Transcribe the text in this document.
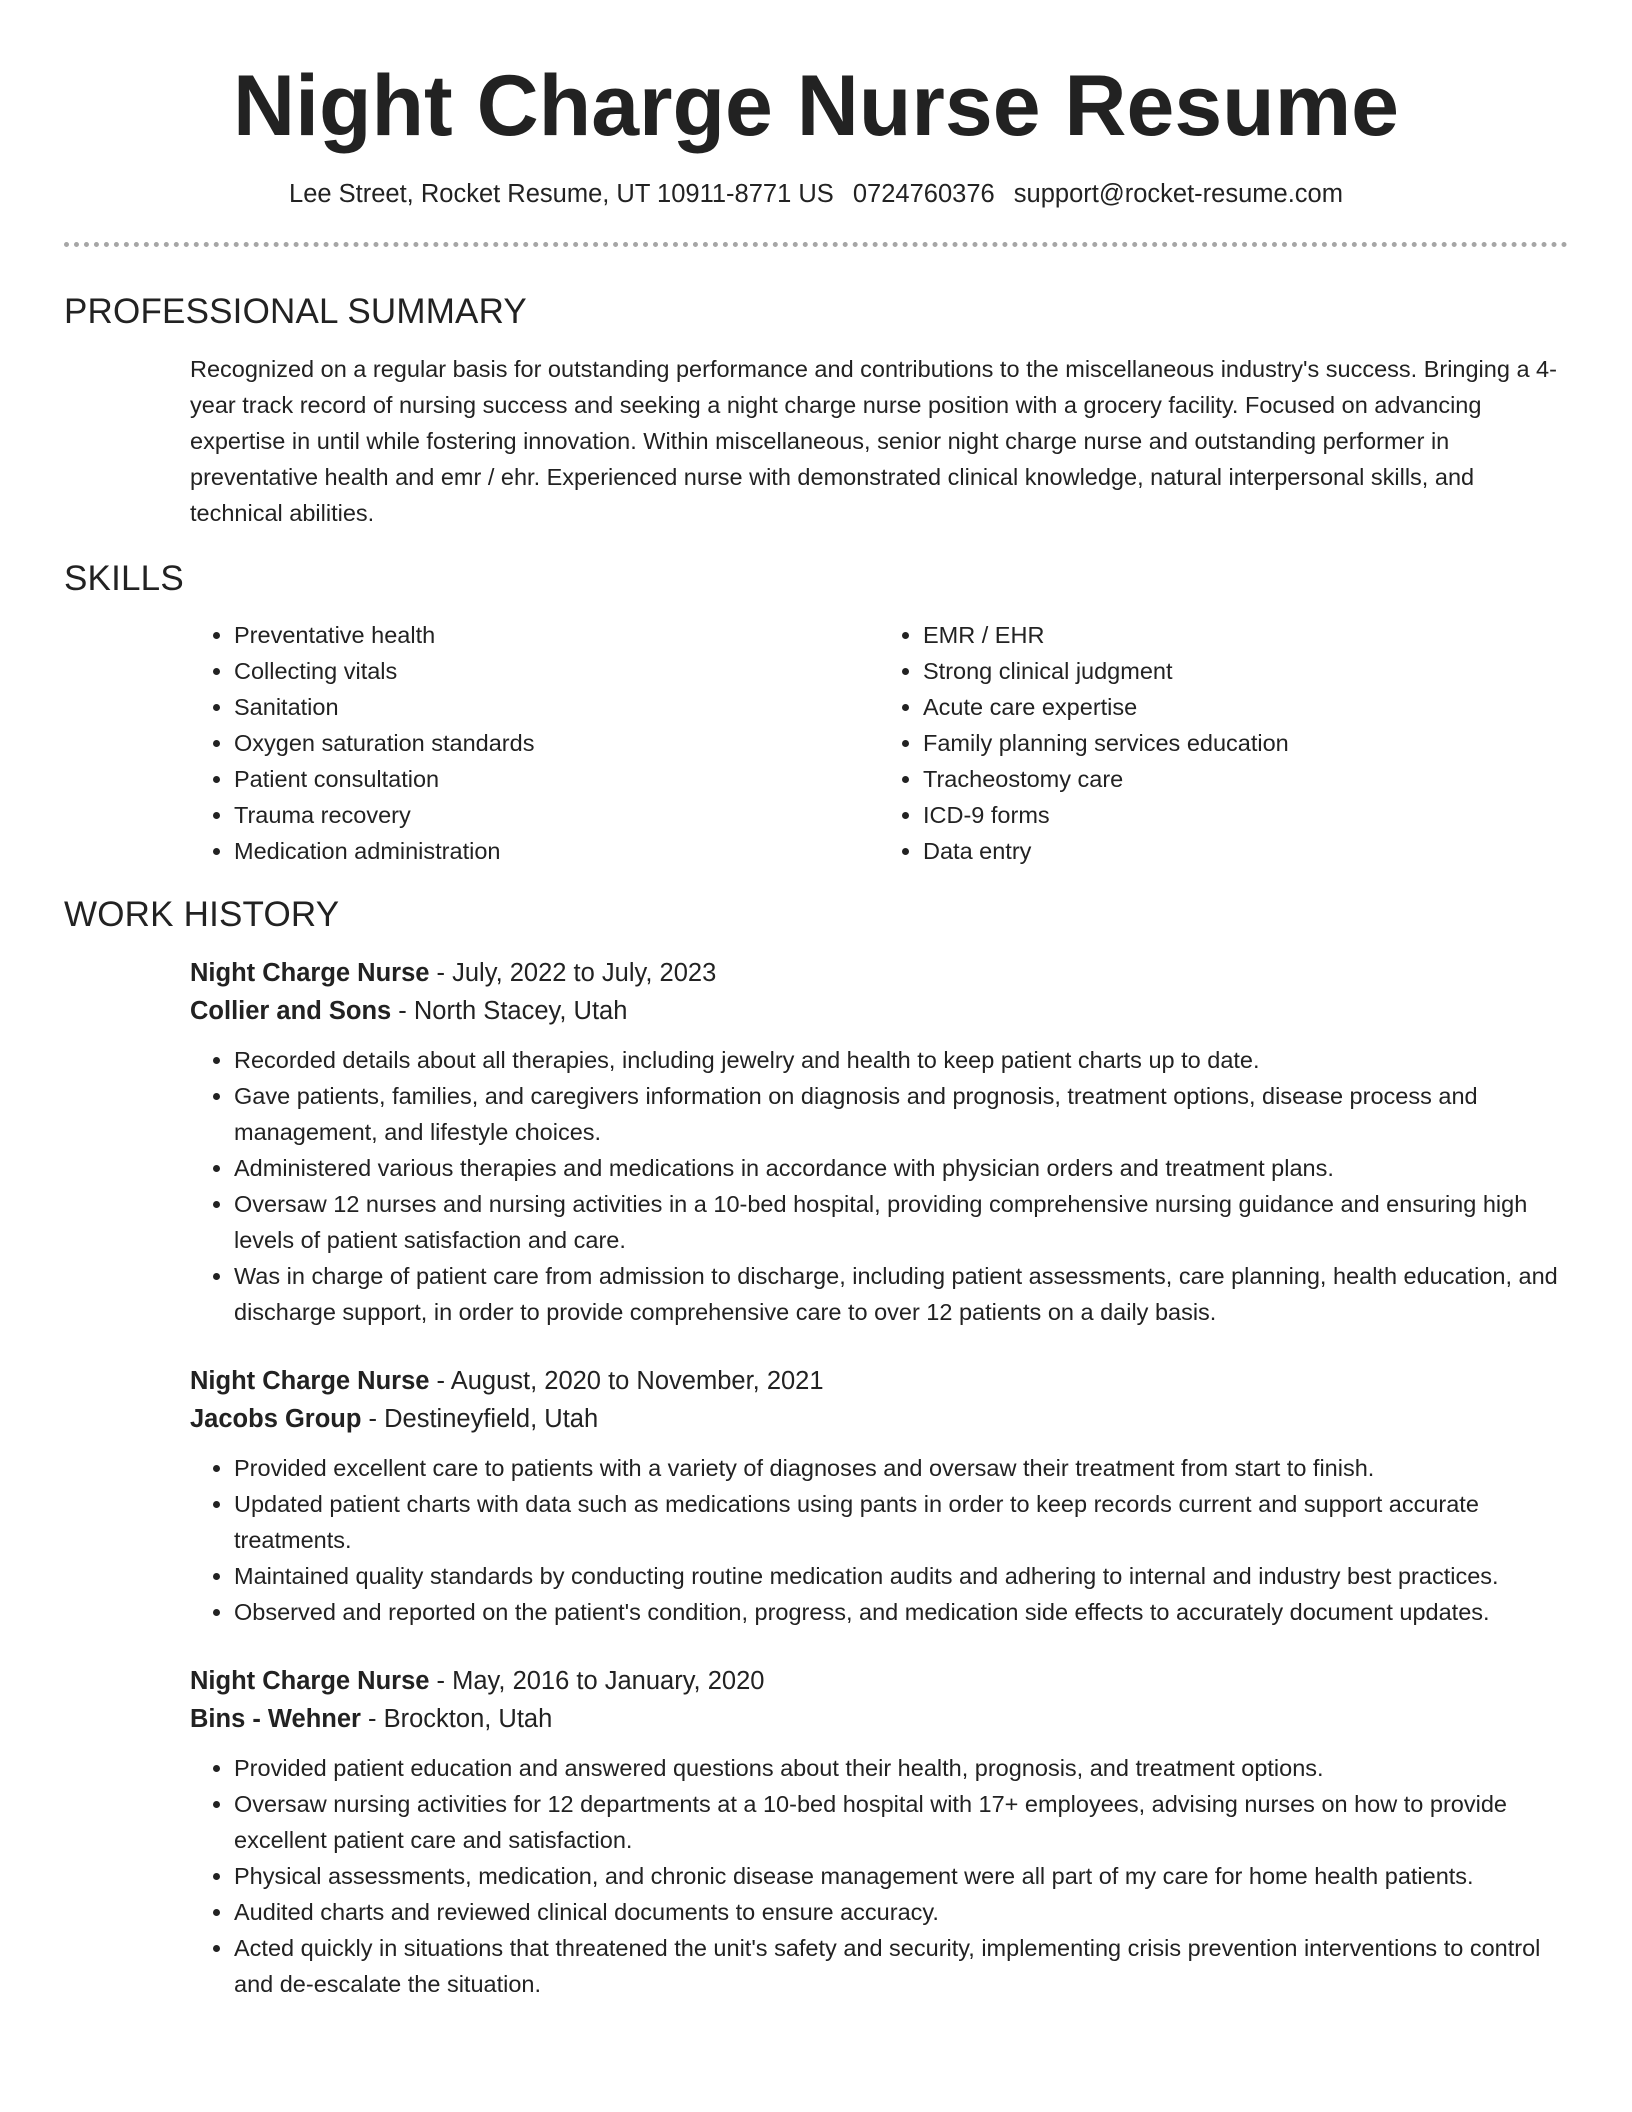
Night Charge Nurse Resume
Lee Street, Rocket Resume, UT 10911-8771 US 0724760376 support@rocket-resume.com
PROFESSIONAL SUMMARY

Recognized on a regular basis for outstanding performance and contributions to the miscellaneous industry's success. Bringing a 4-year track record of nursing success and seeking a night charge nurse position with a grocery facility. Focused on advancing expertise in until while fostering innovation. Within miscellaneous, senior night charge nurse and outstanding performer in preventative health and emr / ehr. Experienced nurse with demonstrated clinical knowledge, natural interpersonal skills, and technical abilities.

SKILLS
• Preventative health
• Collecting vitals
• Sanitation
• Oxygen saturation standards
• Patient consultation
• Trauma recovery
• Medication administration
• EMR / EHR
• Strong clinical judgment
• Acute care expertise
• Family planning services education
• Tracheostomy care
• ICD-9 forms
• Data entry
WORK HISTORY

Night Charge Nurse - July, 2022 to July, 2023

Collier and Sons - North Stacey, Utah

• Recorded details about all therapies, including jewelry and health to keep patient charts up to date.
• Gave patients, families, and caregivers information on diagnosis and prognosis, treatment options, disease process and management, and lifestyle choices.
• Administered various therapies and medications in accordance with physician orders and treatment plans.
• Oversaw 12 nurses and nursing activities in a 10-bed hospital, providing comprehensive nursing guidance and ensuring high levels of patient satisfaction and care.
• Was in charge of patient care from admission to discharge, including patient assessments, care planning, health education, and discharge support, in order to provide comprehensive care to over 12 patients on a daily basis.

Night Charge Nurse - August, 2020 to November, 2021

Jacobs Group - Destineyfield, Utah

• Provided excellent care to patients with a variety of diagnoses and oversaw their treatment from start to finish.
• Updated patient charts with data such as medications using pants in order to keep records current and support accurate treatments.
• Maintained quality standards by conducting routine medication audits and adhering to internal and industry best practices.
• Observed and reported on the patient's condition, progress, and medication side effects to accurately document updates.

Night Charge Nurse - May, 2016 to January, 2020

Bins - Wehner - Brockton, Utah

• Provided patient education and answered questions about their health, prognosis, and treatment options.
• Oversaw nursing activities for 12 departments at a 10-bed hospital with 17+ employees, advising nurses on how to provide excellent patient care and satisfaction.
• Physical assessments, medication, and chronic disease management were all part of my care for home health patients.
• Audited charts and reviewed clinical documents to ensure accuracy.
• Acted quickly in situations that threatened the unit's safety and security, implementing crisis prevention interventions to control and de-escalate the situation.
